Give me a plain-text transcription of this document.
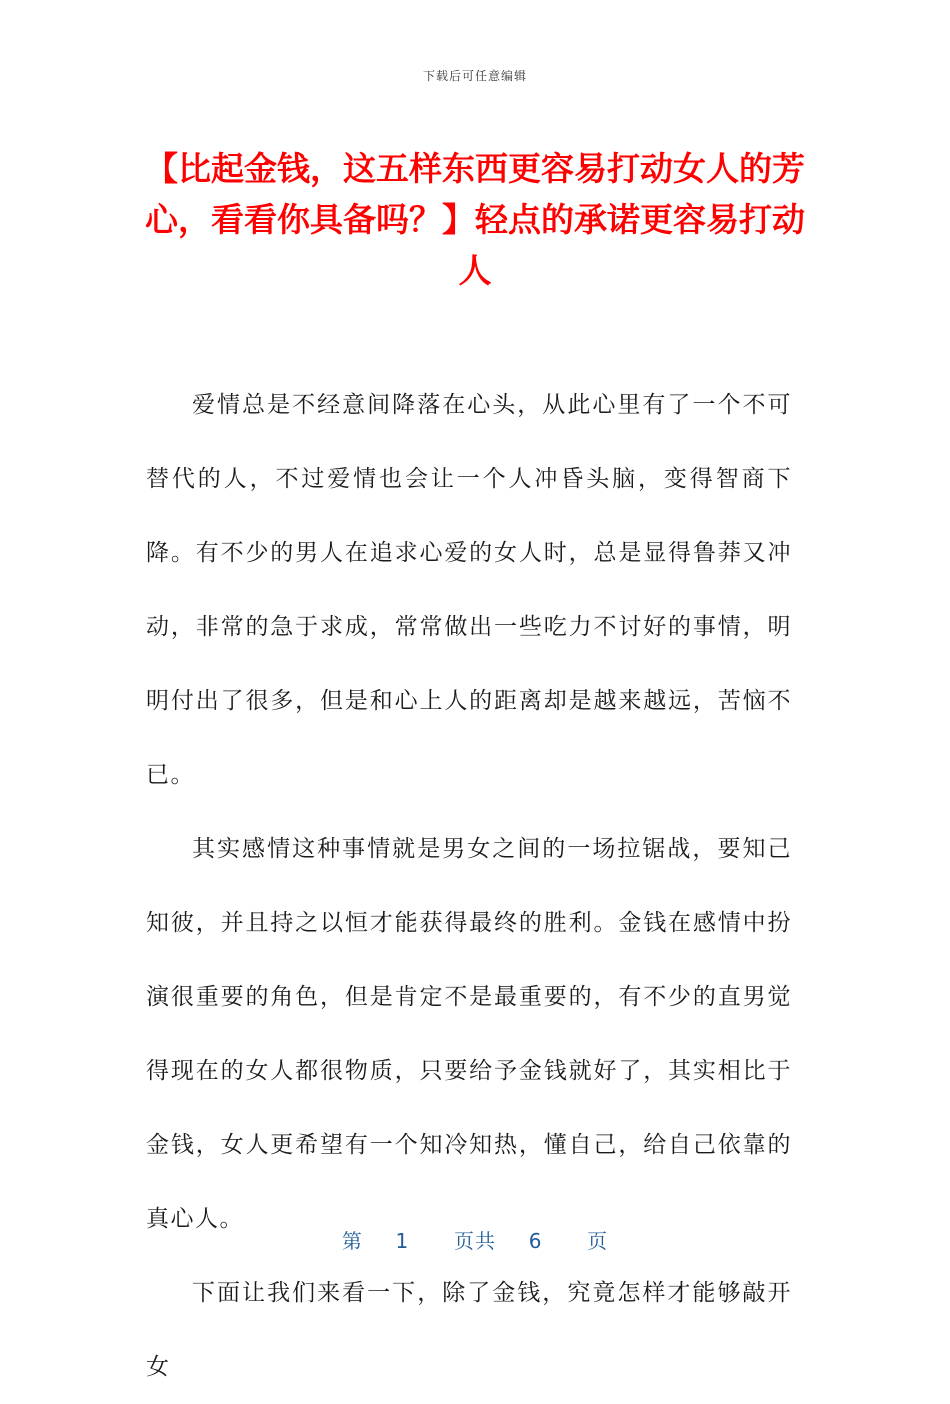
下载后可任意编辑
【比起金钱，这五样东西更容易打动女人的芳心，看看你具备吗？】轻点的承诺更容易打动人

爱情总是不经意间降落在心头，从此心里有了一个不可替代的人，不过爱情也会让一个人冲昏头脑，变得智商下降。有不少的男人在追求心爱的女人时，总是显得鲁莽又冲动，非常的急于求成，常常做出一些吃力不讨好的事情，明明付出了很多，但是和心上人的距离却是越来越远，苦恼不已。

其实感情这种事情就是男女之间的一场拉锯战，要知己知彼，并且持之以恒才能获得最终的胜利。金钱在感情中扮演很重要的角色，但是肯定不是最重要的，有不少的直男觉得现在的女人都很物质，只要给予金钱就好了，其实相比于金钱，女人更希望有一个知冷知热，懂自己，给自己依靠的真心人。

下面让我们来看一下，除了金钱，究竟怎样才能够敲开女

第 1 页共 6 页
